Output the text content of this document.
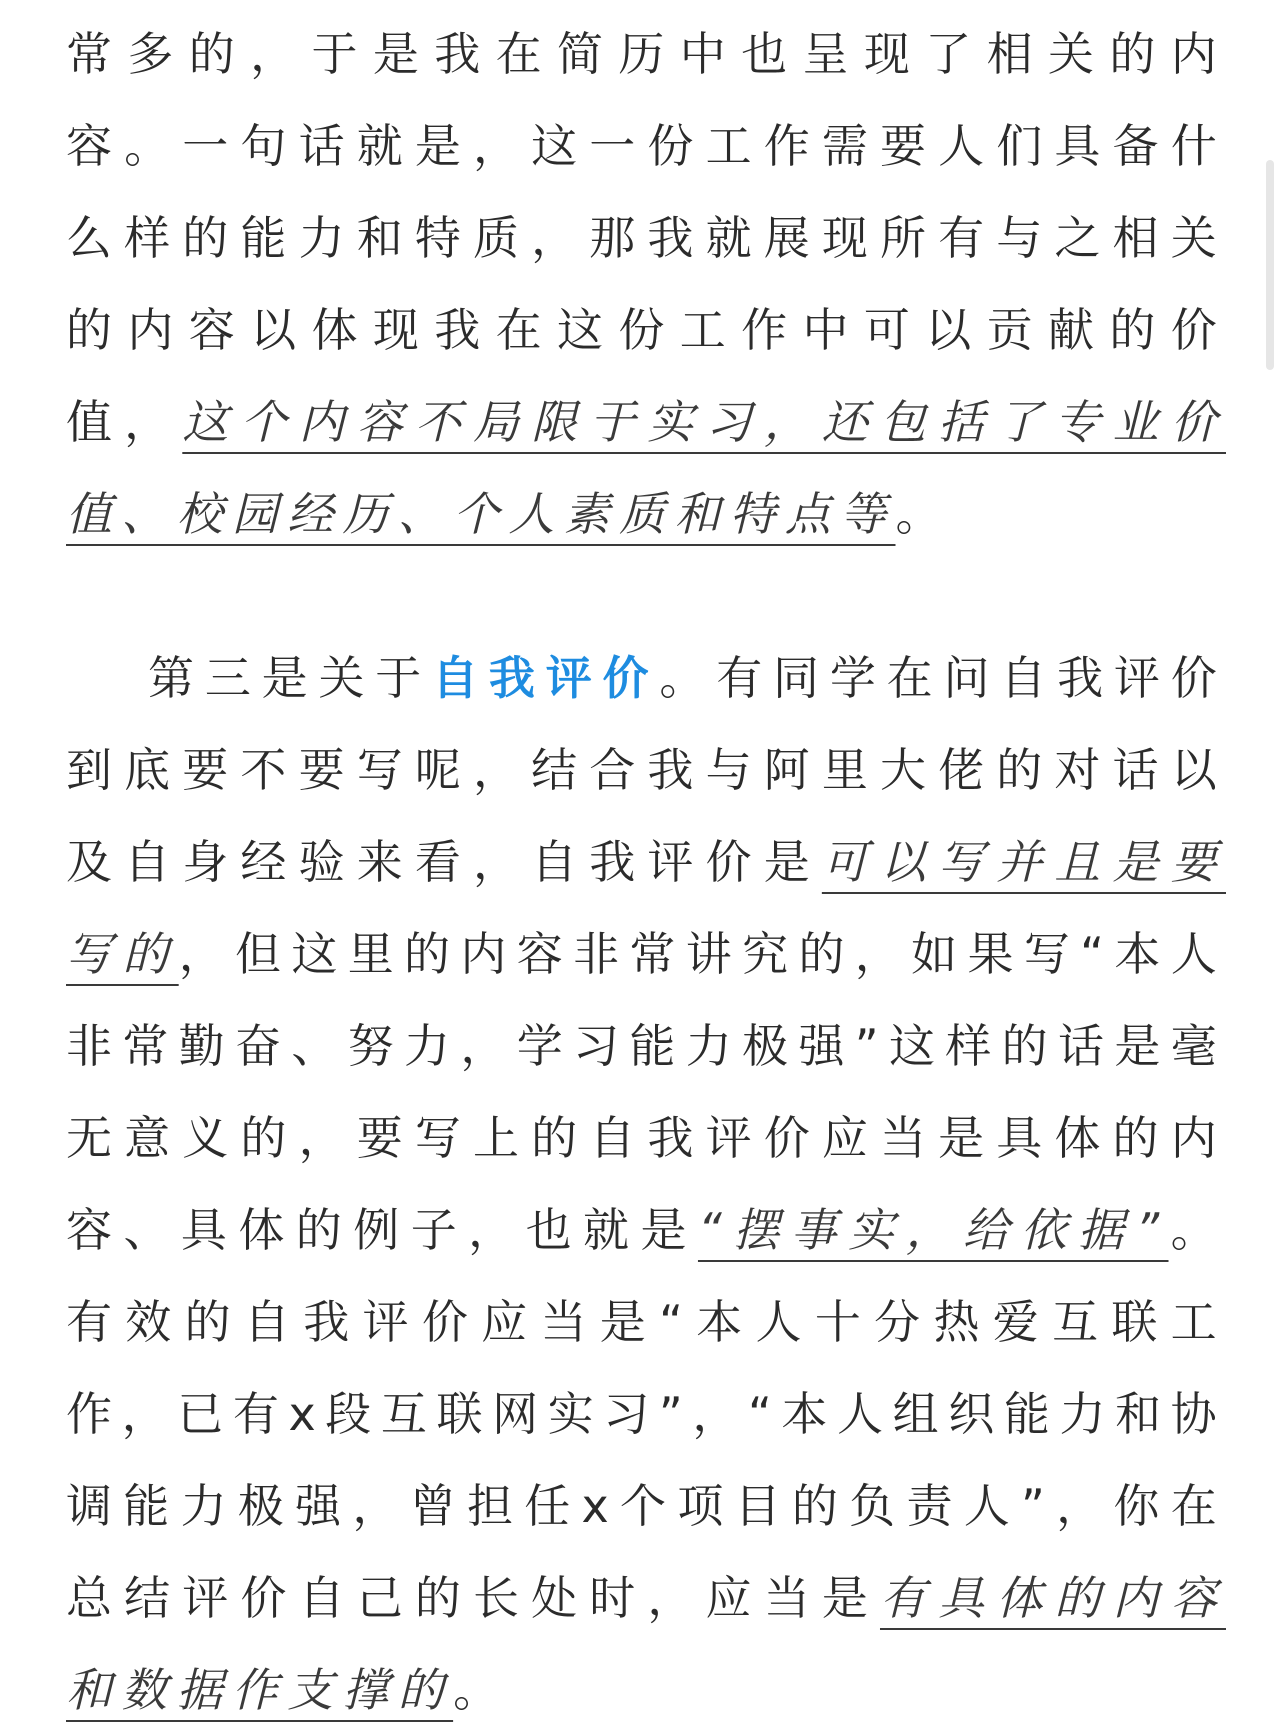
常多的，于是我在简历中也呈现了相关的内容。一句话就是，这一份工作需要人们具备什么样的能力和特质，那我就展现所有与之相关的内容以体现我在这份工作中可以贡献的价值，这个内容不局限于实习，还包括了专业价值、校园经历、个人素质和特点等。

第三是关于自我评价。有同学在问自我评价到底要不要写呢，结合我与阿里大佬的对话以及自身经验来看，自我评价是可以写并且是要写的，但这里的内容非常讲究的，如果写“本人非常勤奋、努力，学习能力极强”这样的话是毫无意义的，要写上的自我评价应当是具体的内容、具体的例子，也就是“摆事实，给依据”。有效的自我评价应当是“本人十分热爱互联工作，已有x段互联网实习”，“本人组织能力和协调能力极强，曾担任x个项目的负责人”，你在总结评价自己的长处时，应当是有具体的内容和数据作支撑的。
